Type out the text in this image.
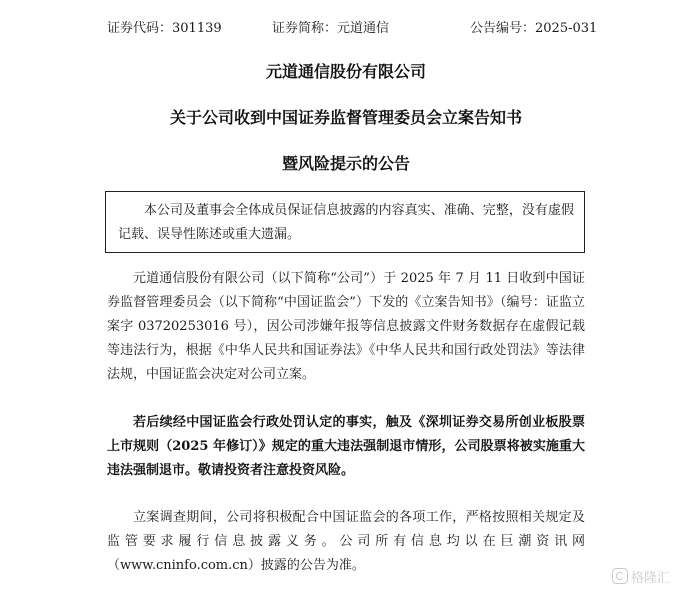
证券代码：301139	证券简称：元道通信	公告编号：2025-031
元道通信股份有限公司
关于公司收到中国证券监督管理委员会立案告知书
暨风险提示的公告
本公司及董事会全体成员保证信息披露的内容真实、准确、完整，没有虚假记载、误导性陈述或重大遗漏。

元道通信股份有限公司（以下简称“公司”）于 2025 年 7 月 11 日收到中国证券监督管理委员会（以下简称“中国证监会”）下发的《立案告知书》（编号：证监立案字 03720253016 号），因公司涉嫌年报等信息披露文件财务数据存在虚假记载等违法行为，根据《中华人民共和国证券法》《中华人民共和国行政处罚法》等法律法规，中国证监会决定对公司立案。

若后续经中国证监会行政处罚认定的事实，触及《深圳证券交易所创业板股票上市规则（2025 年修订）》规定的重大违法强制退市情形，公司股票将被实施重大违法强制退市。敬请投资者注意投资风险。

立案调查期间，公司将积极配合中国证监会的各项工作，严格按照相关规定及监管要求履行信息披露义务。公司所有信息均以在巨潮资讯网（www.cninfo.com.cn）披露的公告为准。

格隆汇
